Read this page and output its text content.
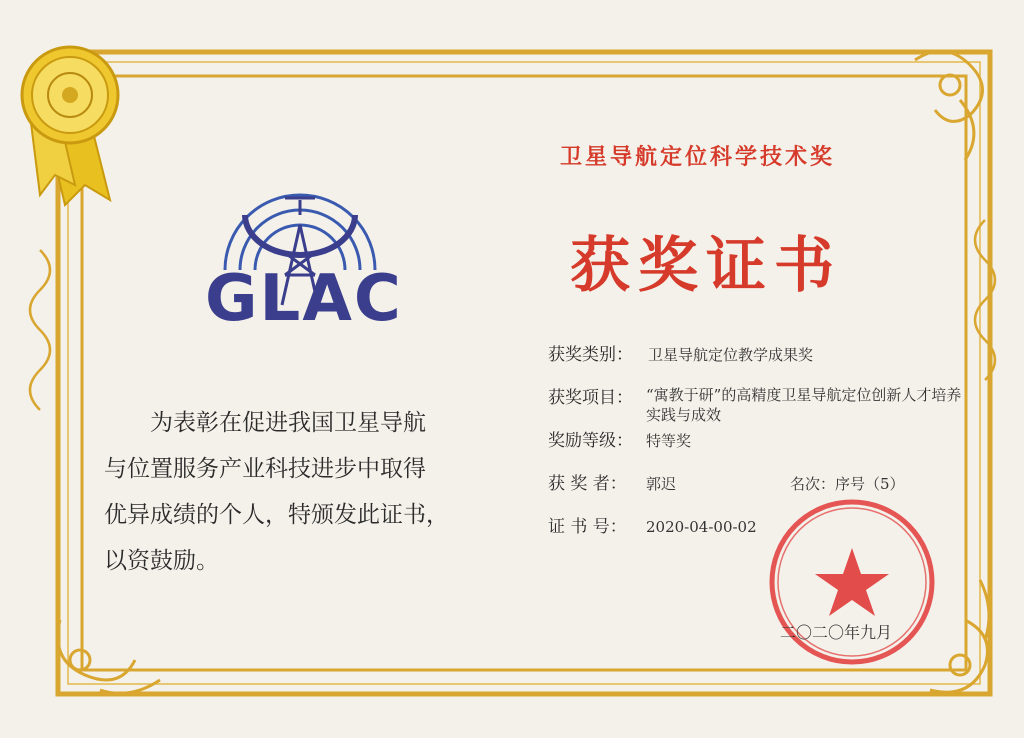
GLAC
卫星导航定位科学技术奖
获奖证书
为表彰在促进我国卫星导航
与位置服务产业科技进步中取得
优异成绩的个人，特颁发此证书，
以资鼓励。
获奖类别： 卫星导航定位教学成果奖
获奖项目： “寓教于研”的高精度卫星导航定位创新人才培养实践与成效
奖励等级： 特等奖
获 奖 者： 郭迟	名次：序号（5）
证 书 号： 2020-04-00-02
二〇二〇年九月
